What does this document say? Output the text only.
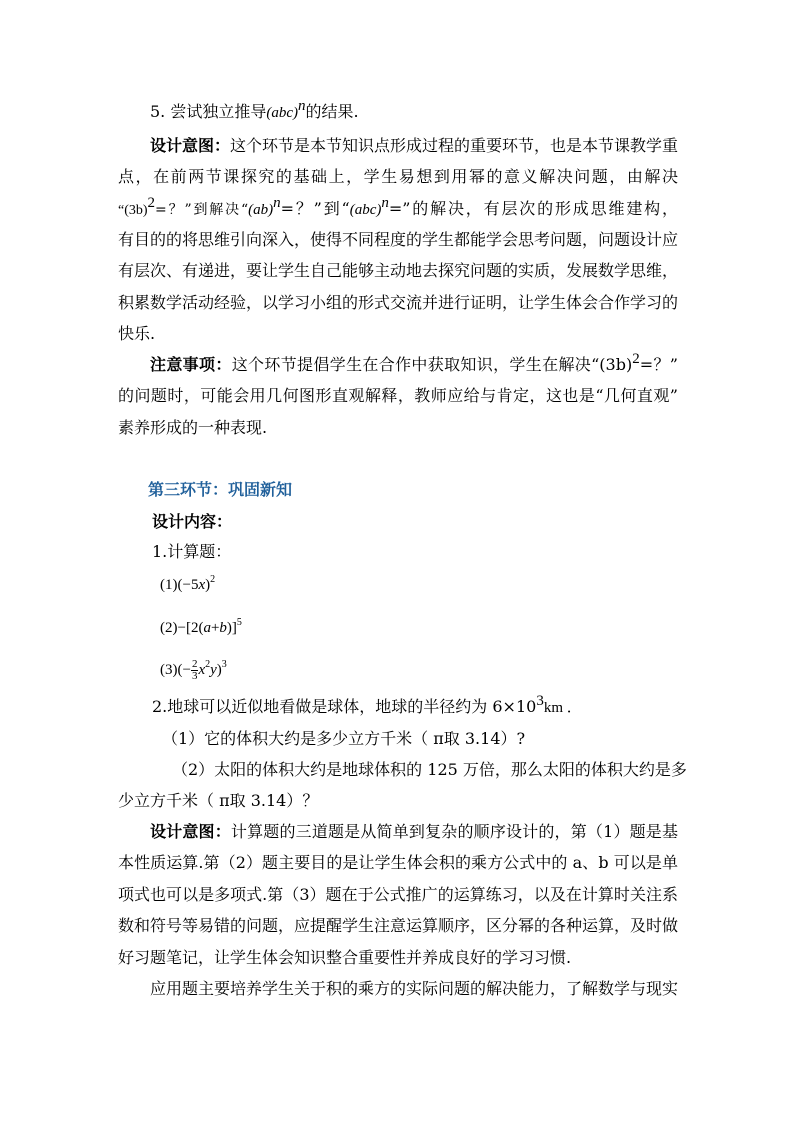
5. 尝试独立推导(abc)$^n$的结果.
设计意图：这个环节是本节知识点形成过程的重要环节，也是本节课教学重
点，在前两节课探究的基础上，学生易想到用幂的意义解决问题，由解决
“$(3b)^2=$？”到解决“(ab)$^n$=？”到“(abc)$^n$=”的解决，有层次的形成思维建构，
有目的的将思维引向深入，使得不同程度的学生都能学会思考问题，问题设计应
有层次、有递进，要让学生自己能够主动地去探究问题的实质，发展数学思维，
积累数学活动经验，以学习小组的形式交流并进行证明，让学生体会合作学习的
快乐.
注意事项：这个环节提倡学生在合作中获取知识，学生在解决“$(3b)^2=$？”
的问题时，可能会用几何图形直观解释，教师应给与肯定，这也是“几何直观”
素养形成的一种表现.
第三环节：巩固新知
设计内容：
1.计算题：
$(1)(-5x)^2$
$(2)-[2(a+b)]^5$
$(3)(- \frac{2}{3} x^2y)^3$
2.地球可以近似地看做是球体，地球的半径约为 $6\times 10^3km$ ．
（1）它的体积大约是多少立方千米（ π取 3.14）?
（2）太阳的体积大约是地球体积的 125 万倍，那么太阳的体积大约是多
少立方千米（ π取 3.14）？
设计意图：计算题的三道题是从简单到复杂的顺序设计的，第（1）题是基
本性质运算.第（2）题主要目的是让学生体会积的乘方公式中的 a、b 可以是单
项式也可以是多项式.第（3）题在于公式推广的运算练习，以及在计算时关注系
数和符号等易错的问题，应提醒学生注意运算顺序，区分幂的各种运算，及时做
好习题笔记，让学生体会知识整合重要性并养成良好的学习习惯.
应用题主要培养学生关于积的乘方的实际问题的解决能力，了解数学与现实
